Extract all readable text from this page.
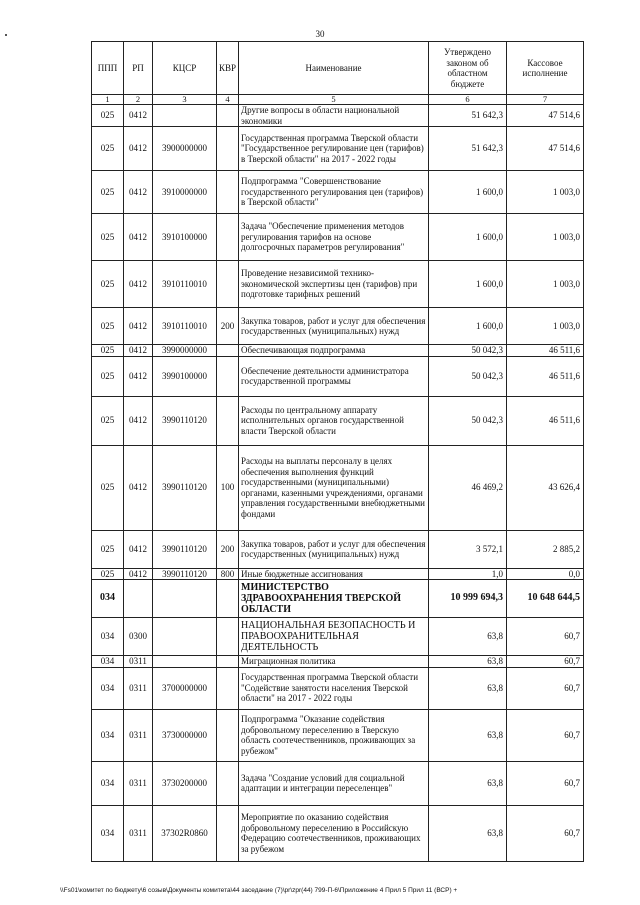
30
ППП	РП	КЦСР	КВР	Наименование	Утверждено законом об областном бюджете	Кассовое исполнение
1	2	3	4	5	6	7
025	0412			Другие вопросы в области национальной экономики	51 642,3	47 514,6
025	0412	3900000000		Государственная программа Тверской области "Государственное регулирование цен (тарифов) в Тверской области" на 2017 - 2022 годы	51 642,3	47 514,6
025	0412	3910000000		Подпрограмма "Совершенствование государственного регулирования цен (тарифов) в Тверской области"	1 600,0	1 003,0
025	0412	3910100000		Задача "Обеспечение применения методов регулирования тарифов на основе долгосрочных параметров регулирования"	1 600,0	1 003,0
025	0412	3910110010		Проведение независимой технико-экономической экспертизы цен (тарифов) при подготовке тарифных решений	1 600,0	1 003,0
025	0412	3910110010	200	Закупка товаров, работ и услуг для обеспечения государственных (муниципальных) нужд	1 600,0	1 003,0
025	0412	3990000000		Обеспечивающая подпрограмма	50 042,3	46 511,6
025	0412	3990100000		Обеспечение деятельности администратора государственной программы	50 042,3	46 511,6
025	0412	3990110120		Расходы по центральному аппарату исполнительных органов государственной власти Тверской области	50 042,3	46 511,6
025	0412	3990110120	100	Расходы на выплаты персоналу в целях обеспечения выполнения функций государственными (муниципальными) органами, казенными учреждениями, органами управления государственными внебюджетными фондами	46 469,2	43 626,4
025	0412	3990110120	200	Закупка товаров, работ и услуг для обеспечения государственных (муниципальных) нужд	3 572,1	2 885,2
025	0412	3990110120	800	Иные бюджетные ассигнования	1,0	0,0
034				МИНИСТЕРСТВО ЗДРАВООХРАНЕНИЯ ТВЕРСКОЙ ОБЛАСТИ	10 999 694,3	10 648 644,5
034	0300			НАЦИОНАЛЬНАЯ БЕЗОПАСНОСТЬ И ПРАВООХРАНИТЕЛЬНАЯ ДЕЯТЕЛЬНОСТЬ	63,8	60,7
034	0311			Миграционная политика	63,8	60,7
034	0311	3700000000		Государственная программа Тверской области "Содействие занятости населения Тверской области" на 2017 - 2022 годы	63,8	60,7
034	0311	3730000000		Подпрограмма "Оказание содействия добровольному переселению в Тверскую область соотечественников, проживающих за рубежом"	63,8	60,7
034	0311	3730200000		Задача "Создание условий для социальной адаптации и интеграции переселенцев"	63,8	60,7
034	0311	37302R0860		Мероприятие по оказанию содействия добровольному переселению в Российскую Федерацию соотечественников, проживающих за рубежом	63,8	60,7
\\Fs01\комитет по бюджету\6 созыв\Документы комитета\44 заседание (7)\pr\zpr(44) 799-П-6\Приложение 4 Прил 5 Прил 11 (ВСР) +
